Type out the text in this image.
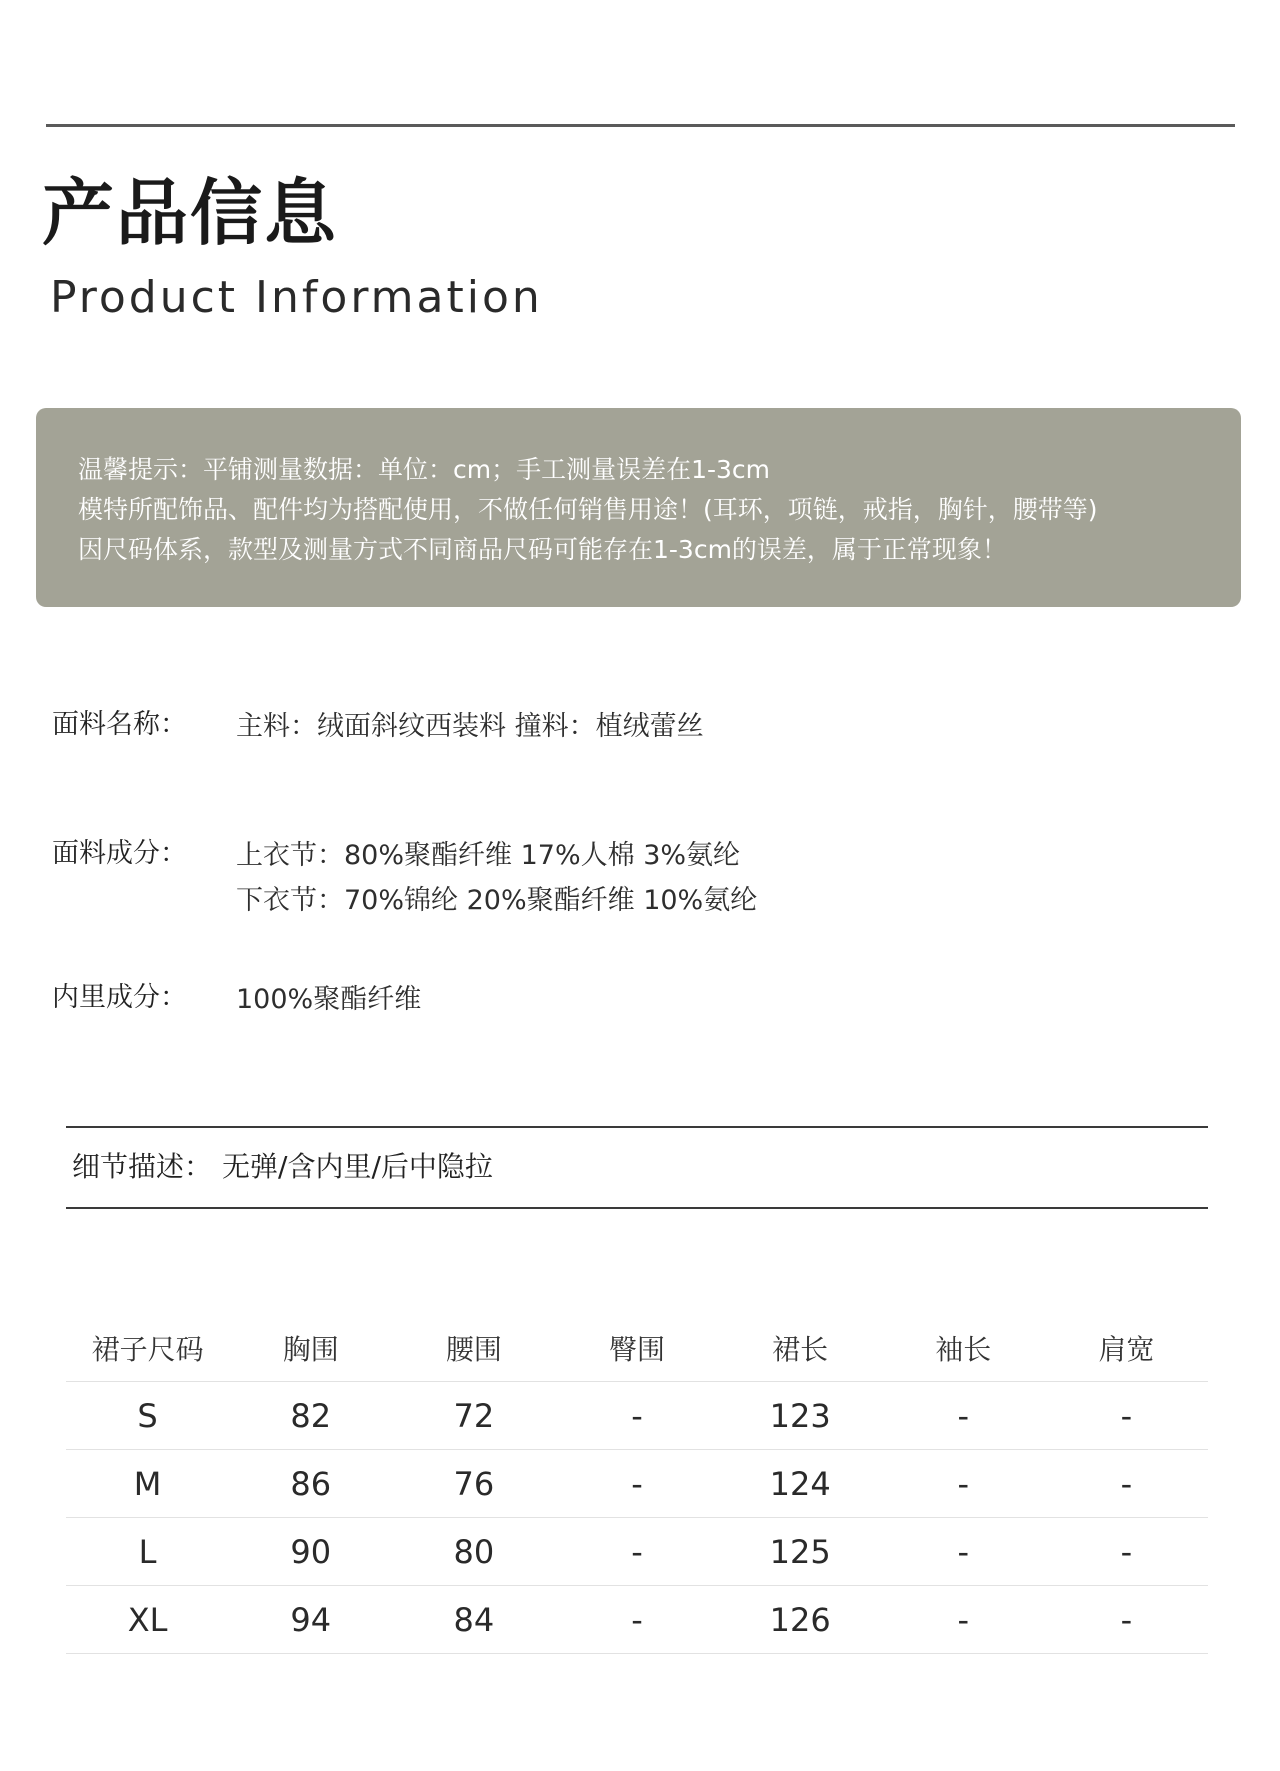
产品信息
Product Information
温馨提示：平铺测量数据：单位：cm；手工测量误差在1-3cm
模特所配饰品、配件均为搭配使用，不做任何销售用途！(耳环，项链，戒指，胸针，腰带等)
因尺码体系，款型及测量方式不同商品尺码可能存在1-3cm的误差，属于正常现象！
面料名称： 主料：绒面斜纹西装料 撞料：植绒蕾丝
面料成分： 上衣节：80%聚酯纤维 17%人棉 3%氨纶
下衣节：70%锦纶 20%聚酯纤维 10%氨纶
内里成分： 100%聚酯纤维
细节描述： 无弹/含内里/后中隐拉
裙子尺码	胸围	腰围	臀围	裙长	袖长	肩宽
S	82	72	-	123	-	-
M	86	76	-	124	-	-
L	90	80	-	125	-	-
XL	94	84	-	126	-	-
